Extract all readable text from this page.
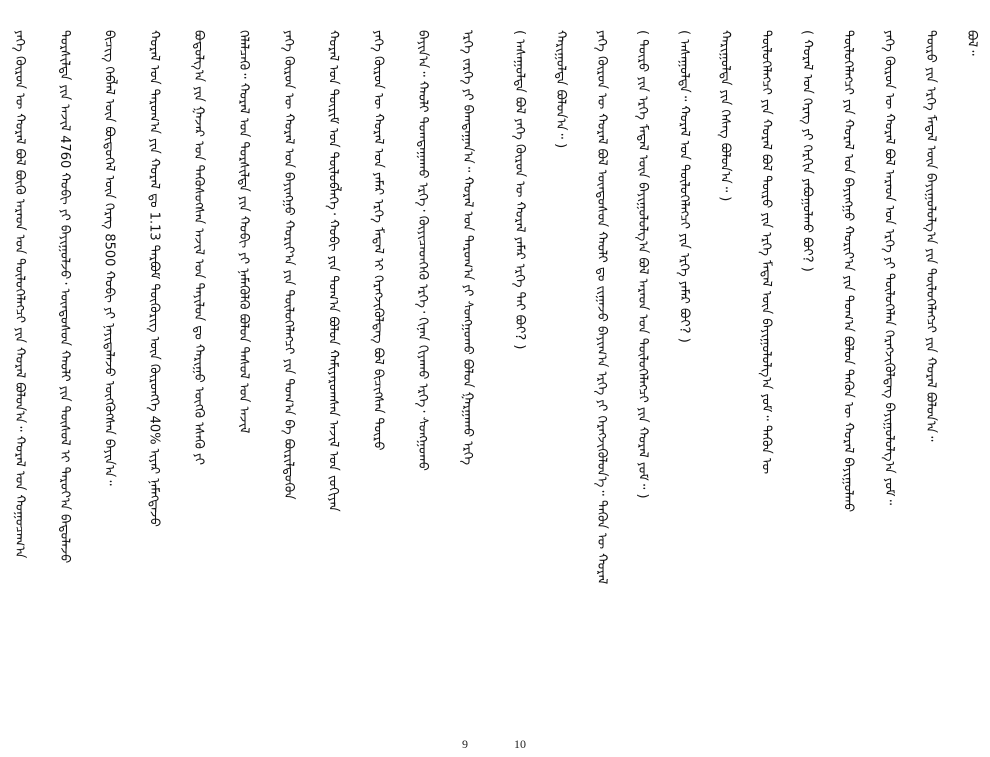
ᠶᠡᠬᠡ ᠭᠦᠷᠦᠨ ᠦ ᠬᠤᠷᠠᠯ ᠪᠣᠯ ᠪᠦᠬᠦ ᠠᠷᠠᠳ ᠤᠨ ᠲᠥᠯᠦᠭᠡᠯᠡᠭᠴᠢ ᠶᠢᠨ ᠬᠤᠷᠠᠯ ᠪᠣᠯᠤᠨ᠎ᠠ᠃ ᠬᠤᠷᠠᠯ ᠤᠨ ᠬᠤᠭᠤᠴᠠᠭ᠎ᠠ	ᠲᠤᠷᠰᠢᠯᠲᠠ ᠶᠢᠨ ᠠᠵᠢᠯ 4760 ᠬᠤᠪᠢ ᠶᠢ ᠪᠠᠶᠢᠭᠤᠯᠵᠤ᠂ ᠦᠨᠳᠦᠰᠦᠨ ᠬᠠᠤᠯᠢ ᠶᠢᠨ ᠲᠥᠰᠥᠯ ᠢ ᠳᠠᠷᠤᠶ᠎ᠠ ᠪᠠᠲᠤᠯᠠᠵᠤ	ᠪᠢᠴᠢᠭ ᠬᠡᠪᠯᠡᠯ ᠦᠨ ᠪᠦᠲᠦᠭᠡᠯ ᠦᠨ ᠬᠡᠷᠡᠭ 8500 ᠬᠤᠪᠢ ᠶᠢ ᠨᠡᠶᠢᠲᠡᠯᠡᠵᠦ ᠥᠭᠭᠦᠭᠰᠡᠨ ᠪᠠᠶᠢᠨ᠎ᠠ᠃	ᠬᠤᠷᠠᠯ ᠤᠨ ᠳᠠᠷᠤᠭ᠎ᠠ ᠶᠢᠨ ᠬᠤᠷᠠᠯ ᠳᠤ 1.13 ᠲᠡᠷᠪᠤᠮ ᠲᠥᠭᠦᠷᠢᠭ ᠦᠨ ᠬᠥᠷᠥᠩᠭᠡ 40% ᠢᠶᠡᠷ ᠨᠡᠮᠡᠭᠳᠡᠵᠦ	ᠪᠣᠳᠣᠯᠭ᠎ᠠ ᠶᠢᠨ ᠭᠠᠵᠠᠷ ᠤᠨ ᠲᠡᠭᠦᠰᠦᠭᠰᠡᠨ ᠠᠵᠢᠯ ᠤᠨ ᠲᠠᠶᠢᠯᠤᠨ ᠳᠤ ᠬᠠᠷᠢᠭᠤ ᠥᠭᠬᠦ ᠡᠰᠡᠬᠦ ᠶᠢ	ᠬᠡᠯᠡᠯᠴᠡᠬᠦ᠃ ᠬᠤᠷᠠᠯ ᠤᠨ ᠲᠤᠷᠰᠢᠯᠲᠠ ᠶᠢᠨ ᠬᠤᠪᠢ ᠶᠢ ᠨᠡᠮᠡᠭᠦᠯᠬᠦ ᠪᠣᠯᠤᠨ ᠳᠠᠰᠤᠯ ᠤᠨ ᠠᠵᠢᠯ	ᠶᠡᠬᠡ ᠭᠦᠷᠦᠨ ᠦ ᠬᠤᠷᠠᠯ ᠤᠨ ᠪᠠᠶᠢᠩᠭᠤ ᠬᠣᠷᠢᠶ᠎ᠠ ᠶᠢᠨ ᠲᠥᠯᠦᠭᠡᠯᠡᠭᠴᠢ ᠶᠢᠨ ᠲᠣᠭ᠎ᠠ ᠪᠠ ᠪᠦᠷᠢᠯᠳᠦᠭᠦᠨ	ᠬᠤᠷᠠᠯ ᠤᠨ ᠳᠦᠷᠢᠮ ᠤᠨ ᠲᠥᠯᠦᠪᠯᠡᠭᠡ᠂ ᠬᠤᠪᠢ ᠶᠢᠨ ᠲᠣᠭ᠎ᠠ ᠪᠣᠯᠤᠨ ᠬᠠᠮᠢᠶᠠᠷᠤᠭᠰᠠᠨ ᠠᠵᠢᠯ ᠤᠨ ᠵᠣᠬᠢᠶᠠᠨ	ᠶᠡᠬᠡ ᠭᠦᠷᠦᠨ ᠦ ᠬᠤᠷᠠᠯ ᠤᠨ ᠶᠠᠮᠠᠷ ᠡᠷᠬᠡ ᠮᠡᠳᠡᠯ ᠢ ᠬᠡᠷᠡᠭᠵᠢᠭᠦᠯᠳᠡᠭ ᠪᠣᠯ ᠪᠢᠴᠢᠭᠰᠡᠨ ᠲᠦᠷᠦ	ᠪᠠᠶᠢᠨ᠎ᠠ᠃ ᠬᠠᠤᠯᠢ ᠲᠣᠭᠲᠠᠭᠠᠬᠤ ᠡᠷᠬᠡ᠂ ᠭᠦᠶᠢᠴᠡᠳᠭᠡᠬᠦ ᠡᠷᠬᠡ᠂ ᠬᠢᠨᠠᠨ ᠬᠢᠶᠠᠬᠤ ᠡᠷᠬᠡ᠂ ᠰᠣᠩᠭᠤᠬᠤ	ᠡᠷᠬᠡ ᠵᠡᠷᠭᠡ ᠶᠢ ᠪᠠᠭᠲᠠᠭᠠᠨ᠎ᠠ᠃ ᠬᠤᠷᠠᠯ ᠤᠨ ᠳᠠᠷᠤᠭ᠎ᠠ ᠶᠢ ᠰᠣᠩᠭᠤᠬᠤ ᠪᠣᠯᠤᠨ ᠭᠠᠷᠭᠠᠬᠤ ᠡᠷᠬᠡ	( ᠠᠰᠠᠭᠤᠯᠲᠠ ᠪᠣᠯ ᠶᠡᠬᠡ ᠭᠦᠷᠦᠨ ᠦ ᠬᠤᠷᠠᠯ ᠶᠠᠮᠠᠷ ᠡᠷᠬᠡ ᠲᠠᠢ ᠪᠤᠢ? )	ᠬᠠᠷᠢᠭᠤᠯᠲᠠ ᠪᠣᠯᠤᠨ᠎ᠠ᠃ )	ᠶᠡᠬᠡ ᠭᠦᠷᠦᠨ ᠦ ᠬᠤᠷᠠᠯ ᠪᠣᠯ ᠦᠨᠳᠦᠰᠦᠨ ᠬᠠᠤᠯᠢ ᠳᠤ ᠵᠢᠭᠠᠵᠤ ᠪᠠᠶᠢᠭ᠎ᠠ ᠡᠷᠬᠡ ᠶᠢ ᠬᠡᠷᠡᠭᠵᠢᠭᠦᠯᠦᠨ᠎ᠡ᠃ ᠲᠡᠭᠦᠨ ᠦ ᠬᠤᠷᠠᠯ	( ᠲᠥᠷᠥ ᠶᠢᠨ ᠡᠷᠬᠡ ᠮᠡᠳᠡᠯ ᠦᠨ ᠪᠠᠶᠢᠭᠤᠯᠤᠯᠭ᠎ᠠ ᠪᠣᠯ ᠠᠷᠠᠳ ᠤᠨ ᠲᠥᠯᠦᠭᠡᠯᠡᠭᠴᠢ ᠶᠢᠨ ᠬᠤᠷᠠᠯ ᠶᠤᠮ᠃ )	( ᠠᠰᠠᠭᠤᠯᠲᠠ᠃ ᠬᠤᠷᠠᠯ ᠤᠨ ᠲᠥᠯᠦᠭᠡᠯᠡᠭᠴᠢ ᠶᠢᠨ ᠡᠷᠬᠡ ᠶᠠᠮᠠᠷ ᠪᠤᠢ? )	ᠬᠠᠷᠢᠭᠤᠯᠲᠠ ᠶᠢᠨ ᠬᠡᠰᠡᠭ ᠪᠣᠯᠤᠨ᠎ᠠ᠃ )	ᠲᠥᠯᠦᠭᠡᠯᠡᠭᠴᠢ ᠶᠢᠨ ᠬᠤᠷᠠᠯ ᠪᠣᠯ ᠲᠥᠷᠥ ᠶᠢᠨ ᠡᠷᠬᠡ ᠮᠡᠳᠡᠯ ᠦᠨ ᠪᠠᠶᠢᠭᠤᠯᠤᠯᠭ᠎ᠠ ᠶᠤᠮ᠃ ᠲᠡᠭᠦᠨ ᠦ	( ᠬᠤᠷᠠᠯ ᠤᠨ ᠬᠡᠷᠡᠭ ᠶᠢ ᠬᠡᠷᠬᠢᠨ ᠶᠠᠪᠤᠭᠤᠯᠬᠤ ᠪᠤᠢ? )	ᠲᠥᠯᠦᠭᠡᠯᠡᠭᠴᠢ ᠶᠢᠨ ᠬᠤᠷᠠᠯ ᠤᠨ ᠪᠠᠶᠢᠩᠭᠤ ᠬᠣᠷᠢᠶ᠎ᠠ ᠶᠢᠨ ᠲᠣᠭ᠎ᠠ ᠪᠣᠯᠤᠨ ᠲᠡᠭᠦᠨ ᠦ ᠬᠤᠷᠠᠯ ᠪᠠᠶᠢᠭᠤᠯᠬᠤ	ᠶᠡᠬᠡ ᠭᠦᠷᠦᠨ ᠦ ᠬᠤᠷᠠᠯ ᠪᠣᠯ ᠠᠷᠠᠳ ᠤᠨ ᠡᠷᠬᠡ ᠶᠢ ᠲᠥᠯᠦᠭᠡᠯᠡᠨ ᠬᠡᠷᠡᠭᠵᠢᠭᠦᠯᠳᠡᠭ ᠪᠠᠶᠢᠭᠤᠯᠤᠯᠭ᠎ᠠ ᠶᠤᠮ᠃	ᠲᠥᠷᠥ ᠶᠢᠨ ᠡᠷᠬᠡ ᠮᠡᠳᠡᠯ ᠦᠨ ᠪᠠᠶᠢᠭᠤᠯᠤᠯᠭ᠎ᠠ ᠶᠢᠨ ᠲᠥᠯᠦᠭᠡᠯᠡᠭᠴᠢ ᠶᠢᠨ ᠬᠤᠷᠠᠯ ᠪᠣᠯᠤᠨ᠎ᠠ᠃	ᠪᠣᠯ᠃
9	10
